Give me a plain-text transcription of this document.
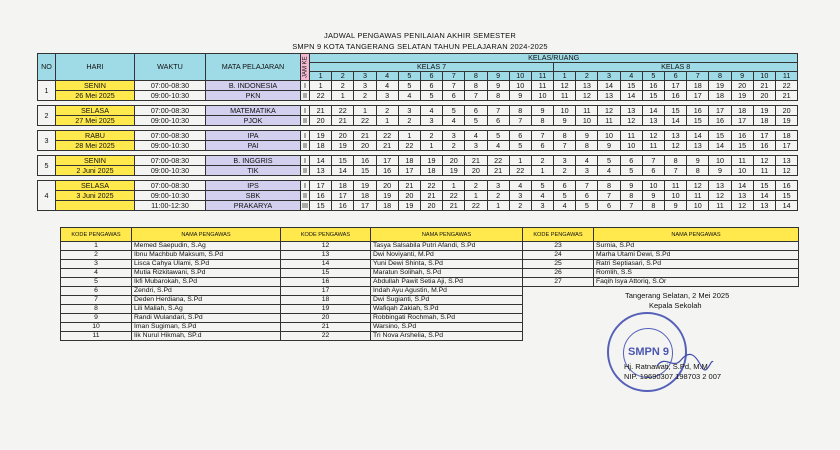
JADWAL PENGAWAS PENILAIAN AKHIR SEMESTER
SMPN 9 KOTA TANGERANG SELATAN TAHUN PELAJARAN 2024-2025
NO	HARI	WAKTU	MATA PELAJARAN	JAM KE	KELAS/RUANG																					
					KELAS 7											KELAS 8										
					1	2	3	4	5	6	7	8	9	10	11	1	2	3	4	5	6	7	8	9	10	11
1	SENIN	07:00-08:30	B. INDONESIA	I	1	2	3	4	5	6	7	8	9	10	11	12	13	14	15	16	17	18	19	20	21	22
	26 Mei 2025	09:00-10:30	PKN	II	22	1	2	3	4	5	6	7	8	9	10	11	12	13	14	15	16	17	18	19	20	21

2	SELASA	07:00-08:30	MATEMATIKA	I	21	22	1	2	3	4	5	6	7	8	9	10	11	12	13	14	15	16	17	18	19	20
	27 Mei 2025	09:00-10:30	PJOK	II	20	21	22	1	2	3	4	5	6	7	8	9	10	11	12	13	14	15	16	17	18	19

3	RABU	07:00-08:30	IPA	I	19	20	21	22	1	2	3	4	5	6	7	8	9	10	11	12	13	14	15	16	17	18
	28 Mei 2025	09:00-10:30	PAI	II	18	19	20	21	22	1	2	3	4	5	6	7	8	9	10	11	12	13	14	15	16	17

5	SENIN	07:00-08:30	B. INGGRIS	I	14	15	16	17	18	19	20	21	22	1	2	3	4	5	6	7	8	9	10	11	12	13
	2 Juni 2025	09:00-10:30	TIK	II	13	14	15	16	17	18	19	20	21	22	1	2	3	4	5	6	7	8	9	10	11	12

4	SELASA	07:00-08:30	IPS	I	17	18	19	20	21	22	1	2	3	4	5	6	7	8	9	10	11	12	13	14	15	16
	3 Juni 2025	09:00-10:30	SBK	II	16	17	18	19	20	21	22	1	2	3	4	5	6	7	8	9	10	11	12	13	14	15
		11:00-12:30	PRAKARYA	III	15	16	17	18	19	20	21	22	1	2	3	4	5	6	7	8	9	10	11	12	13	14
KODE PENGAWAS	NAMA PENGAWAS	KODE PENGAWAS	NAMA PENGAWAS	KODE PENGAWAS	NAMA PENGAWAS
1	Memed Saepudin, S.Ag	12	Tasya Salsabila Putri Afandi, S.Pd	23	Surnia, S.Pd
2	Ibnu Machbub Maksum, S.Pd	13	Dwi Noviyanti, M.Pd	24	Marha Utami Dewi, S.Pd
3	Lisca Cahya Ulami, S.Pd	14	Yuni Dewi Shinta, S.Pd	25	Ratri Septiasari, S.Pd
4	Mutia Rizkitawani, S.Pd	15	Maratun Solihah, S.Pd	26	Romlih, S.S
5	Ikfi Mubarokah, S.Pd	16	Abdullah Pawit Setia Aji, S.Pd	27	Faqih Isya Attoriq, S.Or
6	Zendri, S.Pd	17	Indah Ayu Agustin, M.Pd		
7	Deden Herdiana, S.Pd	18	Dwi Sugianti, S.Pd		
8	Lili Maliah, S.Ag	19	Wafiqah Zakiah, S.Pd		
9	Randi Wulandari, S.Pd	20	Robbingati Rochmah, S.Pd		
10	Iman Sugiman, S.Pd	21	Warsino, S.Pd		
11	Iik Nurul Hikmah, SP.d	22	Tri Nova Arshelia, S.Pd		
Tangerang Selatan, 2 Mei 2025
Kepala Sekolah
SMPN 9
Hj. Ratnawati, S.Pd, M.M
NIP. 19690307 198703 2 007
